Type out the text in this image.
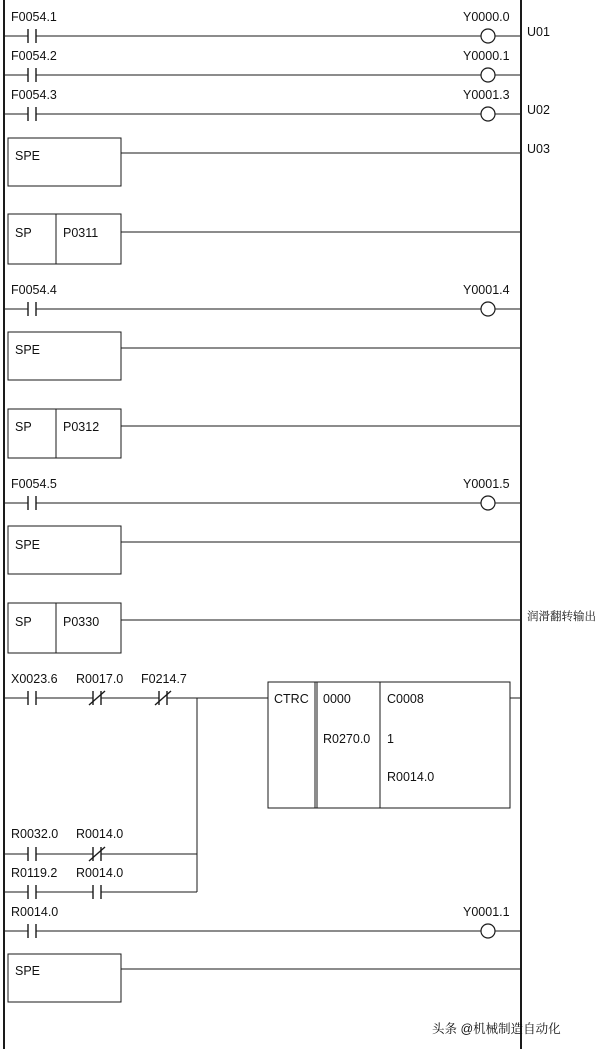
F0054.1	Y0000.0
U01
F0054.2	Y0000.1
F0054.3	Y0001.3
U02
SPE	U03
SP	P0311
F0054.4	Y0001.4
SPE
SP	P0312
F0054.5	Y0001.5
SPE
SP	P0330	润滑翻转输出
X0023.6 R0017.0 F0214.7
R0032.0 R0014.0
R0119.2 R0014.0
CTRC 0000
R0270.0
C0008
1
R0014.0
R0014.0	Y0001.1
SPE
头条 @机械制造自动化
